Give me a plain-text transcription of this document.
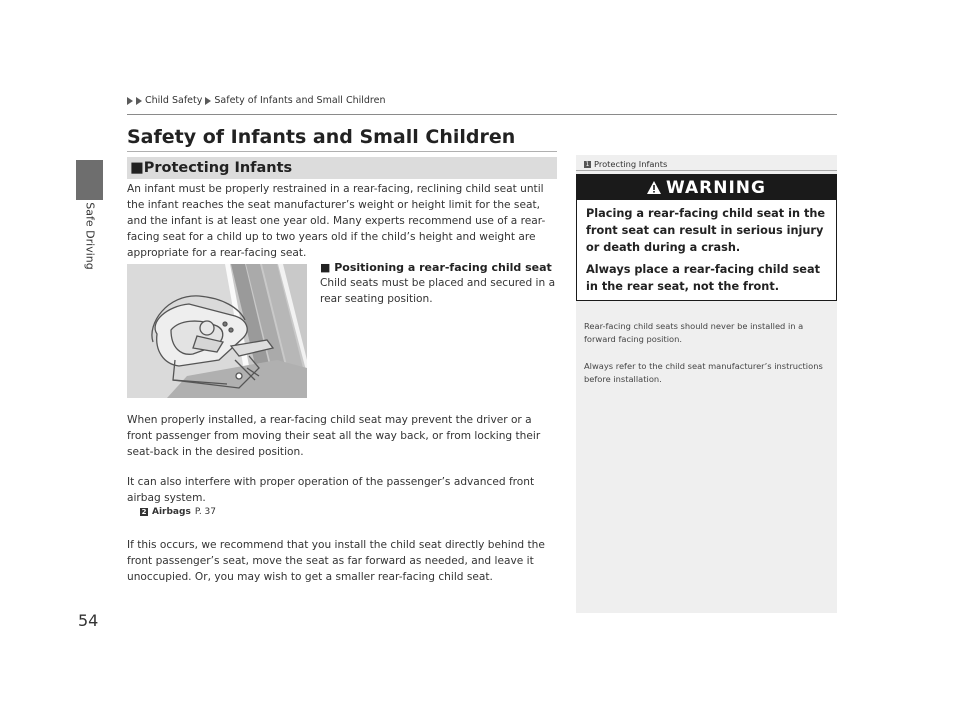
Safe Driving
54
Child Safety Safety of Infants and Small Children
Safety of Infants and Small Children
■ Protecting Infants

An infant must be properly restrained in a rear-facing, reclining child seat until the infant reaches the seat manufacturer’s weight or height limit for the seat, and the infant is at least one year old. Many experts recommend use of a rear-facing seat for a child up to two years old if the child’s height and weight are appropriate for a rear-facing seat.

■ Positioning a rear-facing child seat

Child seats must be placed and secured in a rear seating position.

When properly installed, a rear-facing child seat may prevent the driver or a front passenger from moving their seat all the way back, or from locking their seat-back in the desired position.

It can also interfere with proper operation of the passenger’s advanced front airbag system.

2 Airbags P. 37

If this occurs, we recommend that you install the child seat directly behind the front passenger’s seat, move the seat as far forward as needed, and leave it unoccupied. Or, you may wish to get a smaller rear-facing child seat.

1 Protecting Infants
WARNING

Placing a rear-facing child seat in the front seat can result in serious injury or death during a crash.

Always place a rear-facing child seat in the rear seat, not the front.

Rear-facing child seats should never be installed in a forward facing position.

Always refer to the child seat manufacturer’s instructions before installation.
